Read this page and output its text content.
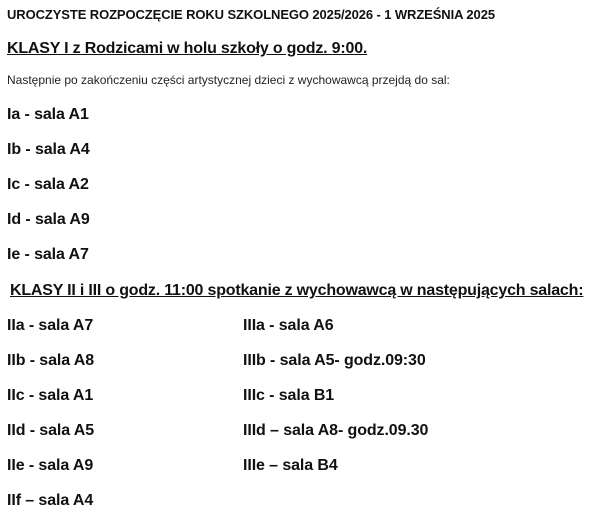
UROCZYSTE ROZPOCZĘCIE ROKU SZKOLNEGO 2025/2026 - 1 WRZEŚNIA 2025
KLASY I z Rodzicami w holu szkoły o godz. 9:00.
Następnie po zakończeniu części artystycznej dzieci z wychowawcą przejdą do sal:
Ia - sala A1
Ib - sala A4
Ic - sala A2
Id - sala A9
Ie - sala A7
KLASY II i III o godz. 11:00 spotkanie z wychowawcą w następujących salach:
IIa - sala A7
IIb - sala A8
IIc - sala A1
IId - sala A5
IIe - sala A9
IIf – sala A4
IIIa - sala A6
IIIb - sala A5- godz.09:30
IIIc - sala B1
IIId – sala A8- godz.09.30
IIIe – sala B4
